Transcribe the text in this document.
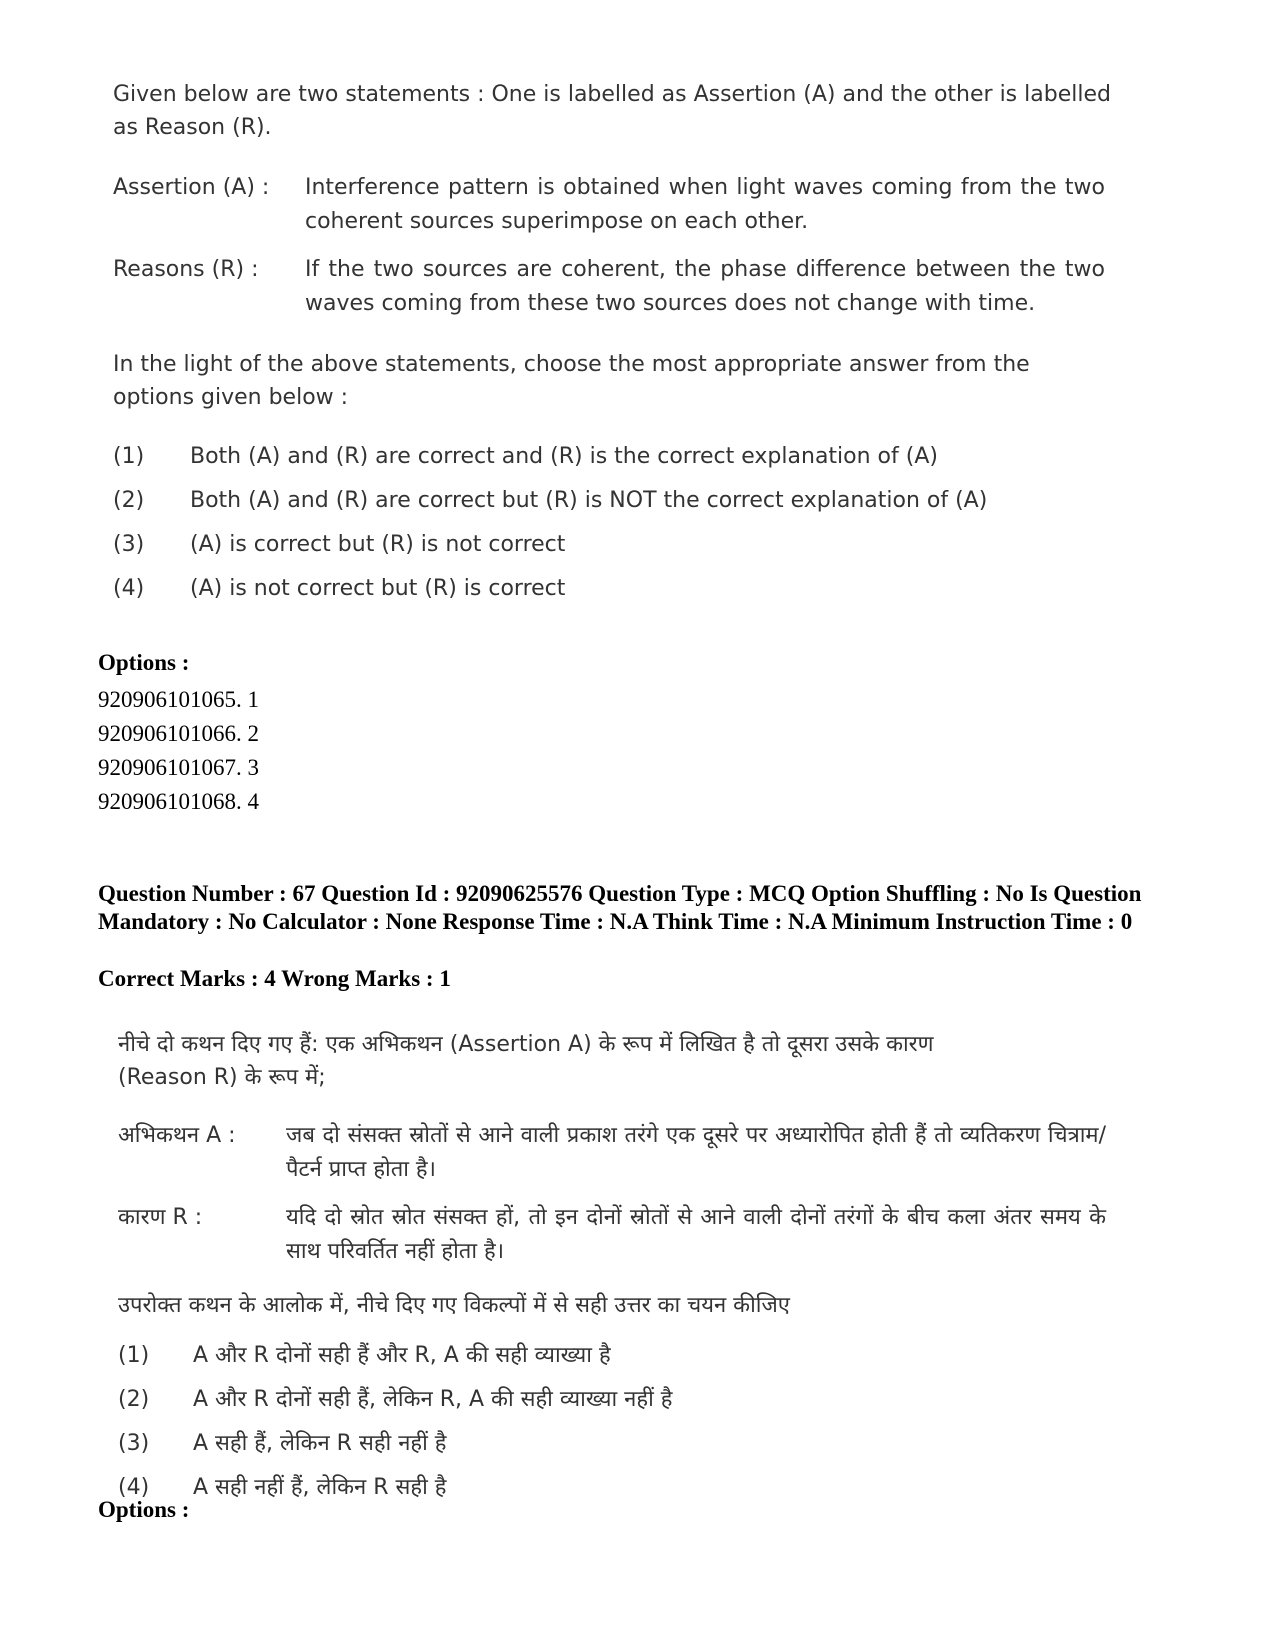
Given below are two statements : One is labelled as Assertion (A) and the other is labelled as Reason (R).

Assertion (A) :	Interference pattern is obtained when light waves coming from the two coherent sources superimpose on each other.
Reasons (R) :	If the two sources are coherent, the phase difference between the two waves coming from these two sources does not change with time.
In the light of the above statements, choose the most appropriate answer from the options given below :
(1)	Both (A) and (R) are correct and (R) is the correct explanation of (A)
(2)	Both (A) and (R) are correct but (R) is NOT the correct explanation of (A)
(3)	(A) is correct but (R) is not correct
(4)	(A) is not correct but (R) is correct
Options :
920906101065. 1
920906101066. 2
920906101067. 3
920906101068. 4
Question Number : 67 Question Id : 92090625576 Question Type : MCQ Option Shuffling : No Is Question Mandatory : No Calculator : None Response Time : N.A Think Time : N.A Minimum Instruction Time : 0
Correct Marks : 4 Wrong Marks : 1

नीचे दो कथन दिए गए हैं: एक अभिकथन (Assertion A) के रूप में लिखित है तो दूसरा उसके कारण (Reason R) के रूप में;

अभिकथन A :	जब दो संसक्त स्रोतों से आने वाली प्रकाश तरंगे एक दूसरे पर अध्यारोपित होती हैं तो व्यतिकरण चित्राम/पैटर्न प्राप्त होता है।
कारण R :	यदि दो स्रोत स्रोत संसक्त हों, तो इन दोनों स्रोतों से आने वाली दोनों तरंगों के बीच कला अंतर समय के साथ परिवर्तित नहीं होता है।
उपरोक्त कथन के आलोक में, नीचे दिए गए विकल्पों में से सही उत्तर का चयन कीजिए
(1)	A और R दोनों सही हैं और R, A की सही व्याख्या है
(2)	A और R दोनों सही हैं, लेकिन R, A की सही व्याख्या नहीं है
(3)	A सही हैं, लेकिन R सही नहीं है
(4)	A सही नहीं हैं, लेकिन R सही है
Options :
